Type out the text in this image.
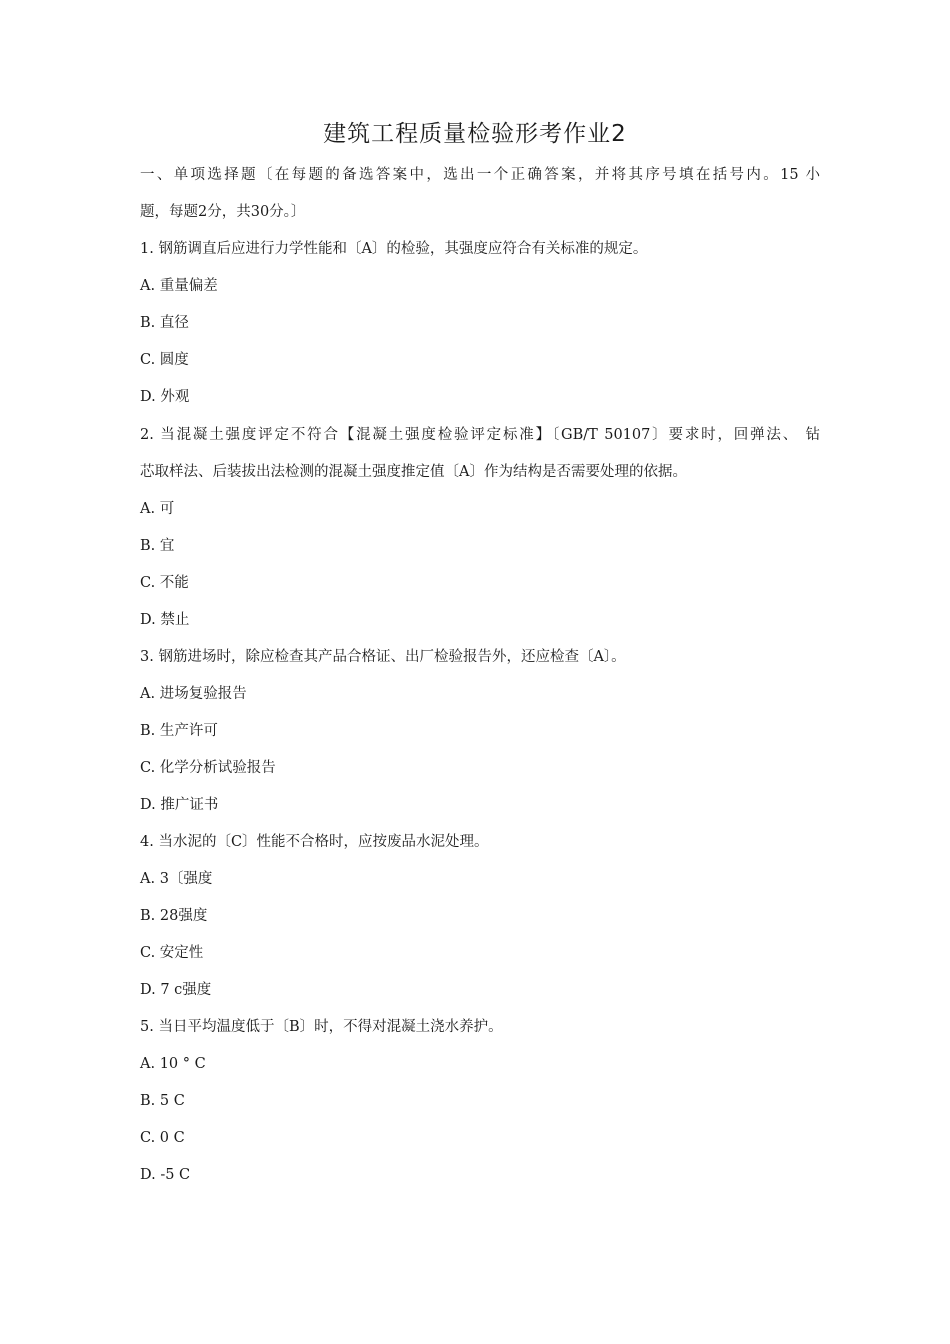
建筑工程质量检验形考作业2
一、单项选择题〔在每题的备选答案中，选出一个正确答案，并将其序号填在括号内。15 小
题，每题2分，共30分。〕
1. 钢筋调直后应进行力学性能和〔A〕的检验，其强度应符合有关标准的规定。
A. 重量偏差
B. 直径
C. 圆度
D. 外观
2. 当混凝土强度评定不符合【混凝土强度检验评定标准】〔GB/T 50107〕要求时，回弹法、 钻
芯取样法、后装拔出法检测的混凝土强度推定值〔A〕作为结构是否需要处理的依据。
A. 可
B. 宜
C. 不能
D. 禁止
3. 钢筋进场时，除应检查其产品合格证、出厂检验报告外，还应检查〔A〕。
A. 进场复验报告
B. 生产许可
C. 化学分析试验报告
D. 推广证书
4. 当水泥的〔C〕性能不合格时，应按废品水泥处理。
A. 3〔强度
B. 28强度
C. 安定性
D. 7 c强度
5. 当日平均温度低于〔B〕时，不得对混凝土浇水养护。
A. 10 ° C
B. 5 C
C. 0 C
D. -5 C
